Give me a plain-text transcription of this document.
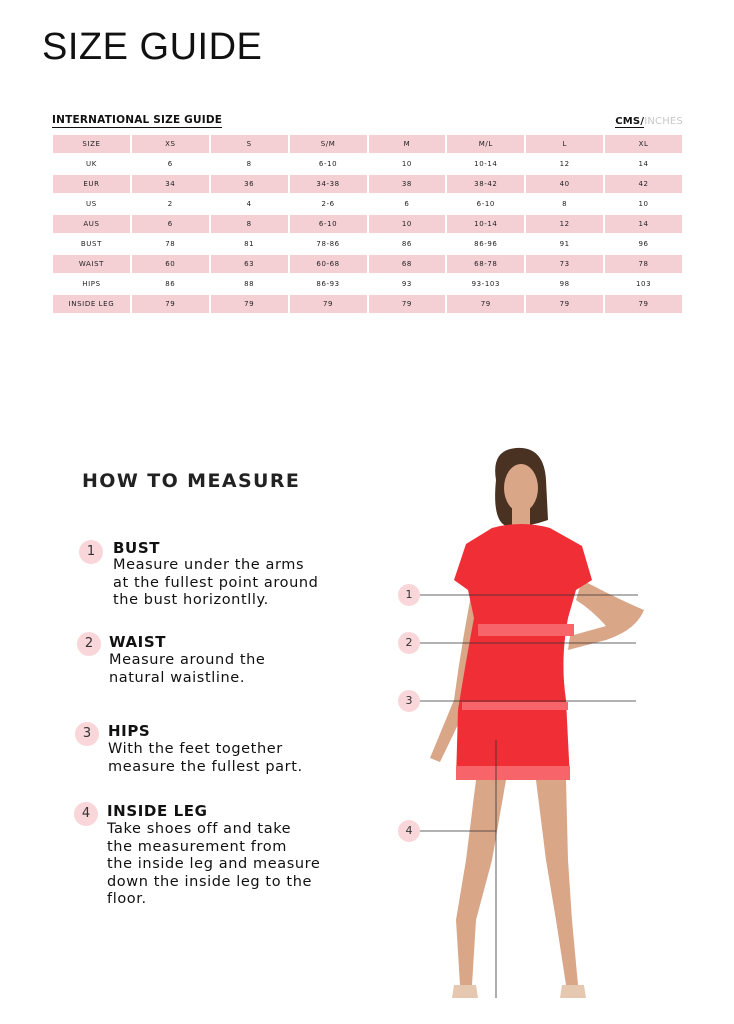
SIZE GUIDE
INTERNATIONAL SIZE GUIDE	CMS/INCHES
SIZE	XS	S	S/M	M	M/L	L	XL
UK	6	8	6-10	10	10-14	12	14
EUR	34	36	34-38	38	38-42	40	42
US	2	4	2-6	6	6-10	8	10
AUS	6	8	6-10	10	10-14	12	14
BUST	78	81	78-86	86	86-96	91	96
WAIST	60	63	60-68	68	68-78	73	78
HIPS	86	88	86-93	93	93-103	98	103
INSIDE LEG	79	79	79	79	79	79	79
HOW TO MEASURE
1	BUST
Measure under the arms
at the fullest point around
the bust horizontlly.
2	WAIST
Measure around the
natural waistline.
3	HIPS
With the feet together
measure the fullest part.
4	INSIDE LEG
Take shoes off and take
the measurement from
the inside leg and measure
down the inside leg to the
floor.
1
2
3
4
